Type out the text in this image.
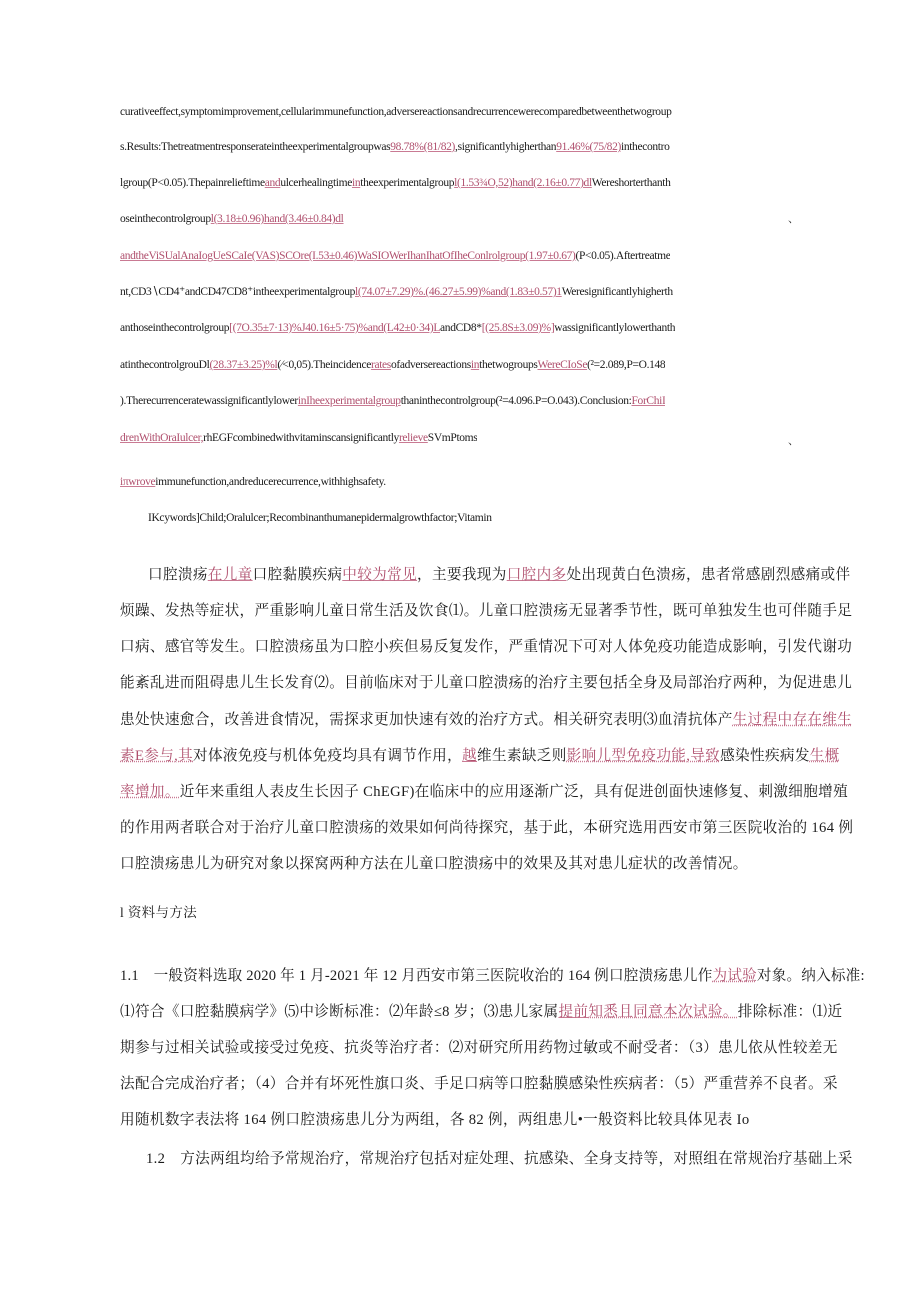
curativeeffect,symptomimprovement,cellularimmunefunction,adversereactionsandrecurrencewerecomparedbetweenthetwogroup
s.Results:Thetreatmentresponserateintheexperimentalgroupwas98.78%(81/82),significantlyhigherthan91.46%(75/82)inthecontro
lgroup(P<0.05).Thepainrelieftimeandulcerhealingtimeintheexperimentalgroupl(1.53¾O,52)hand(2.16±0.77)dlWereshorterthanth
oseinthecontrolgroupl(3.18±0.96)hand(3.46±0.84)dl	、
andtheViSUalAnaIogUeSCaIe(VAS)SCOre(I.53±0.46)WaSIOWerIhanIhatOfIheConlrolgroup(1.97±0.67)(P<0.05).Aftertreatme
nt,CD3∖CD4⁺andCD47CD8⁺intheexperimentalgroupl(74.07±7.29)%.(46.27±5.99)%and(1.83±0.57)1Weresignificantlyhigherth
anthoseinthecontrolgroup[(7O.35±7·13)%J40.16±5·75)%and(L42±0·34)LandCD8*[(25.8S±3.09)%]wassignificantlylowerthanth
atinthecontrolgrouDl(28.37±3.25)%l(∕<0,05).TheincidenceratesofadversereactionsinthetwogroupsWereCIoSe(²=2.089,P=O.148
).TherecurrenceratewassignificantlylowerinIheexperimentalgroupthaninthecontrolgroup(²=4.096.P=O.043).Conclusion:ForChiI
drenWithOraIulcer,rhEGFcombinedwithvitaminscansignificantlyrelieveSVmPtoms	、
iπwroveimmunefunction,andreducerecurrence,withhighsafety.
IKcywords]Child;Oralulcer;Recombinanthumanepidermalgrowthfactor;Vitamin
口腔溃疡在儿童口腔黏膜疾病中较为常见，主要我现为口腔内多处出现黄白色溃疡，患者常感剧烈感痛或伴
烦躁、发热等症状，严重影响儿童日常生活及饮食⑴。儿童口腔溃疡无显著季节性，既可单独发生也可伴随手足
口病、感官等发生。口腔溃疡虽为口腔小疾但易反复发作，严重情况下可对人体免疫功能造成影响，引发代谢功
能紊乱进而阻碍患儿生长发育⑵。目前临床对于儿童口腔溃疡的治疗主要包括全身及局部治疗两种，为促进患儿
患处快速愈合，改善进食情况，需探求更加快速有效的治疗方式。相关研究表明⑶血清抗体产生过程中存在维生
素E参与,其对体液免疫与机体免疫均具有调节作用，越维生素缺乏则影响儿型免疫功能,导致感染性疾病发生概
率增加。近年来重组人表皮生长因子 ChEGF)在临床中的应用逐渐广泛，具有促进创面快速修复、刺激细胞增殖
的作用两者联合对于治疗儿童口腔溃疡的效果如何尚待探究，基于此，本研究选用西安市第三医院收治的 164 例
口腔溃疡患儿为研究对象以探窝两种方法在儿童口腔溃疡中的效果及其对患儿症状的改善情况。
l 资料与方法
1.1　一般资料选取 2020 年 1 月-2021 年 12 月西安市第三医院收治的 164 例口腔溃疡患儿作为试验对象。纳入标准:
⑴符合《口腔黏膜病学》⑸中诊断标准：⑵年龄≤8 岁；⑶患儿家属提前知悉且同意本次试验。排除标准：⑴近
期参与过相关试验或接受过免疫、抗炎等治疗者：⑵对研究所用药物过敏或不耐受者：（3）患儿依从性较差无
法配合完成治疗者；（4）合并有坏死性旗口炎、手足口病等口腔黏膜感染性疾病者：（5）严重营养不良者。采
用随机数字表法将 164 例口腔溃疡患儿分为两组，各 82 例，两组患儿•一般资料比较具体见表 Io
1.2　方法两组均给予常规治疗，常规治疗包括对症处理、抗感染、全身支持等，对照组在常规治疗基础上采
